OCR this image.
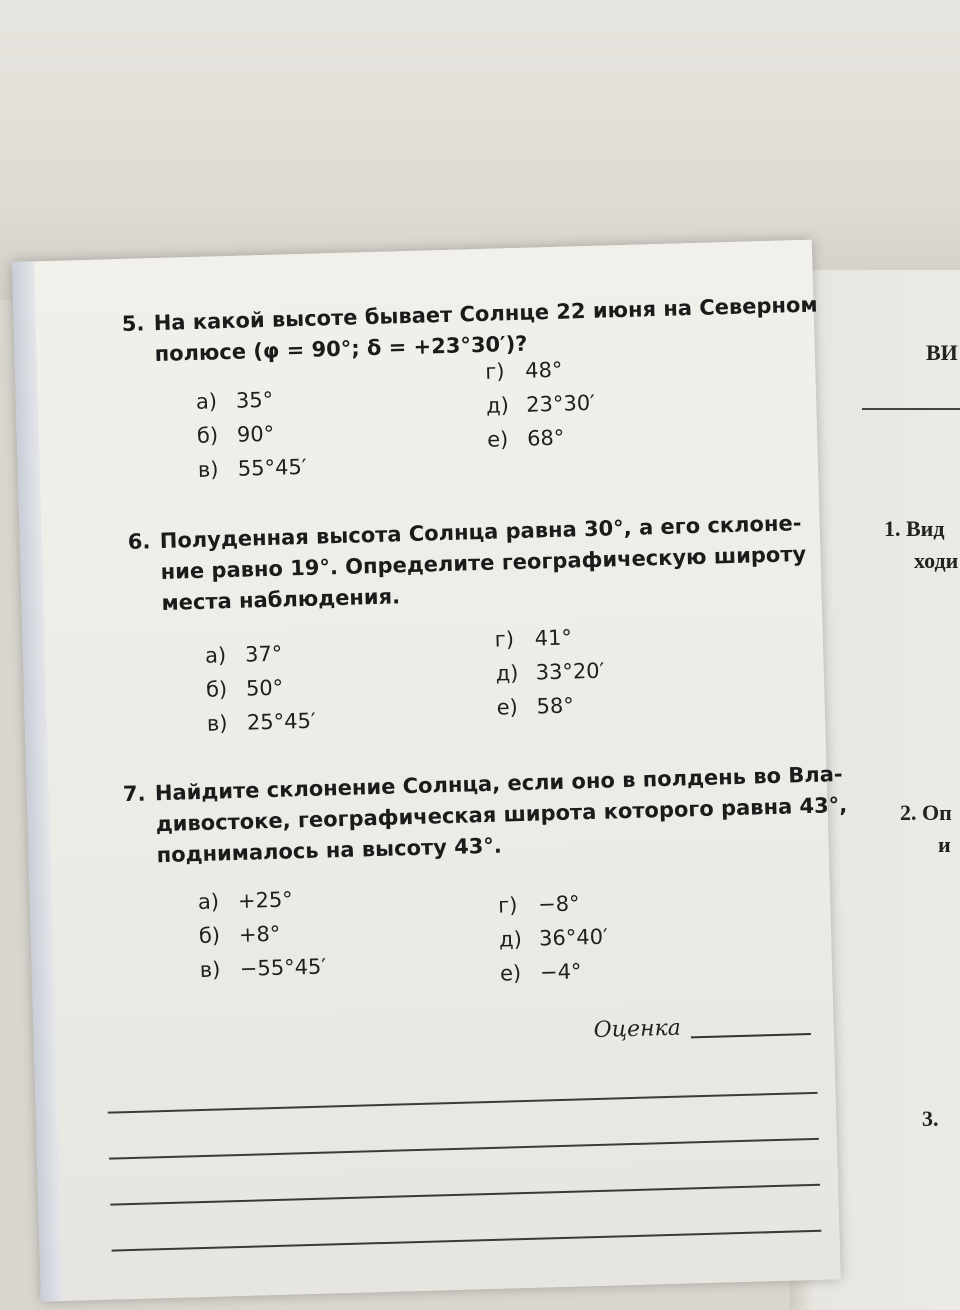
ВИ
1. Вид
ходи
2. Оп
и
3.
5. На какой высоте бывает Солнце 22 июня на Северном
полюсе (φ = 90°; δ = +23°30′)?
а) 35°
б) 90°
в) 55°45′
г) 48°
д) 23°30′
е) 68°
6. Полуденная высота Солнца равна 30°, а его склоне-
ние равно 19°. Определите географическую широту
места наблюдения.
а) 37°
б) 50°
в) 25°45′
г) 41°
д) 33°20′
е) 58°
7. Найдите склонение Солнца, если оно в полдень во Вла-
дивостоке, географическая широта которого равна 43°,
поднималось на высоту 43°.
а) +25°
б) +8°
в) −55°45′
г) −8°
д) 36°40′
е) −4°
Оценка
